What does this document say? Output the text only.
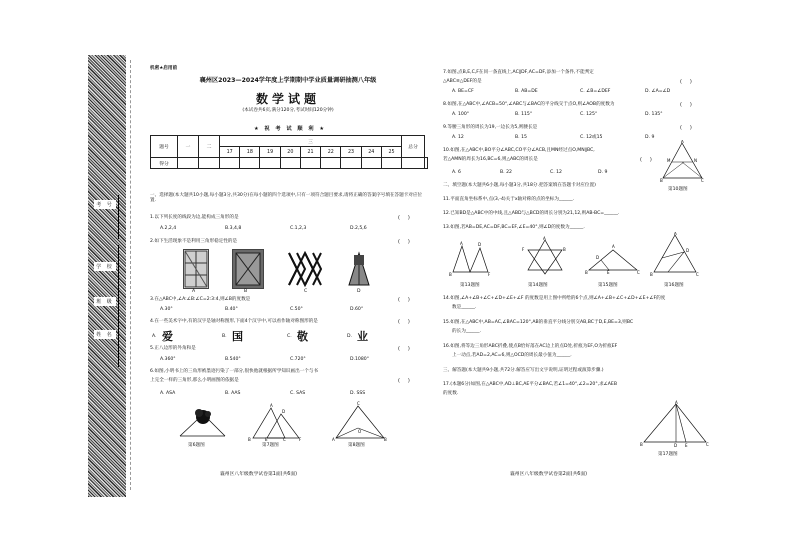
考 号
学 校
班 级
姓 名
机密★启用前
襄州区2023—2024学年度上学期期中学业质量调研抽测八年级
数学试题
(本试卷共6页,满分120分,考试时间120分钟)
★ 祝 考 试 顺 利 ★
题号	一	二	三									总分	
			17	18	19	20	21	22	23	24	25		
得分													
一、选择题(本大题共10小题,每小题3分,共30分)在每小题的四个选项中,只有一项符合题目要求,请将正确的答案序号填在答题卡对应位置.
1.以下列长度的线段为边,能构成三角形的是	(     )
A.2,2,4	B.3,4,8	C.1,2,3	D.2,5,6
2.如下生活现象不是利用三角形稳定性的是	(     )
A	B	C	D
3.在△ABC中,∠A:∠B:∠C=2:3:4,则∠B的度数是	(     )
A.30°	B.40°	C.50°	D.60°
4.在一些美术字中,有的汉字是轴对称图形,下面4个汉字中,可以看作轴对称图形的是	(     )
A. 爱	B. 国	C. 敬	D. 业
5.正八边形的外角和是	(     )
A.360°	B.540°	C.720°	D.1080°
6.如图,小明书上的三角形被墨迹污染了一部分,很快他就根据所学知识画出一个与书
上完全一样的三角形,那么小明画图的依据是	(     )
A. ASA	B. AAS	C. SAS	D. SSS
A
B	E	C	F
D
C
A	B
O
第6题图	第7题图	第8题图
襄州区八年级数学试卷第1面(共6面)
7.如图,点B,E,C,F在同一条直线上,AC∥DF,AC=DF,添加一个条件,不能判定
△ABC≌△DEF的是	(     )
A. BE=CF	B. AB=DE	C. ∠B=∠DEF	D. ∠A=∠D
8.如图,在△ABC中,∠ACB=50°,∠ABC与∠BAC的平分线交于点O,则∠AOB的度数为	(     )
A. 100°	B. 115°	C. 125°	D. 135°
9.等腰三角形的周长为19,一边长为5,则腰长是	(     )
A. 12	B. 15	C. 12或15	D. 9
10.如图,在△ABC中,BO平分∠ABC,CO平分∠ACB,且MN经过点O,MN∥BC,
若△AMN的周长为16,BC=6,则△ABC的周长是	(     )
A. 6	B. 22	C. 12	D. 9
A
M	N
B	C
第10题图
二、填空题(本大题共6小题,每小题3分,共18分.把答案填在答题卡对应位置)
11.平面直角坐标系中,点(3,-4)关于x轴对称的点的坐标为______.
12.已知BD是△ABC中的中线,且△ABD与△BCD的周长分别为21,12,则AB-BC=______.
13.如图,若AB=DE,AC=DF,BC=EF,∠E=40°,则∠D的度数为______.
B
A	D
F
A
F	B
A
B	C
D
E
A
B	C
D
第13题图	第14题图	第15题图	第16题图
14.如图,∠A+∠B+∠C+∠D+∠E+∠F 的度数是用上图中所给的6个点,则∠A+∠B+∠C+∠D+∠E+∠F的度
数是______.
15.如图,在△ABC中,AB=AC,∠BAC=120°,AB的垂直平分线分别交AB,BC于D,E,BE=3,则BC
的长为______.
16.如图,将等边三角形ABC折叠,使点B恰好落在AC边上的点D处,折痕为EF,O为折痕EF
上一动点,若AD=2,AC=6,则△OCD的周长最小值为______.
三、解答题(本大题共9小题,共72分.解答应写出文字说明,证明过程或演算步骤.)
17.(本题6分)如图,在△ABC中,AD⊥BC,AE平分∠BAC,若∠1=40°,∠2=20°,求∠AEB
的度数.
A
B	C
D E
第17题图
襄州区八年级数学试卷第2面(共6面)
